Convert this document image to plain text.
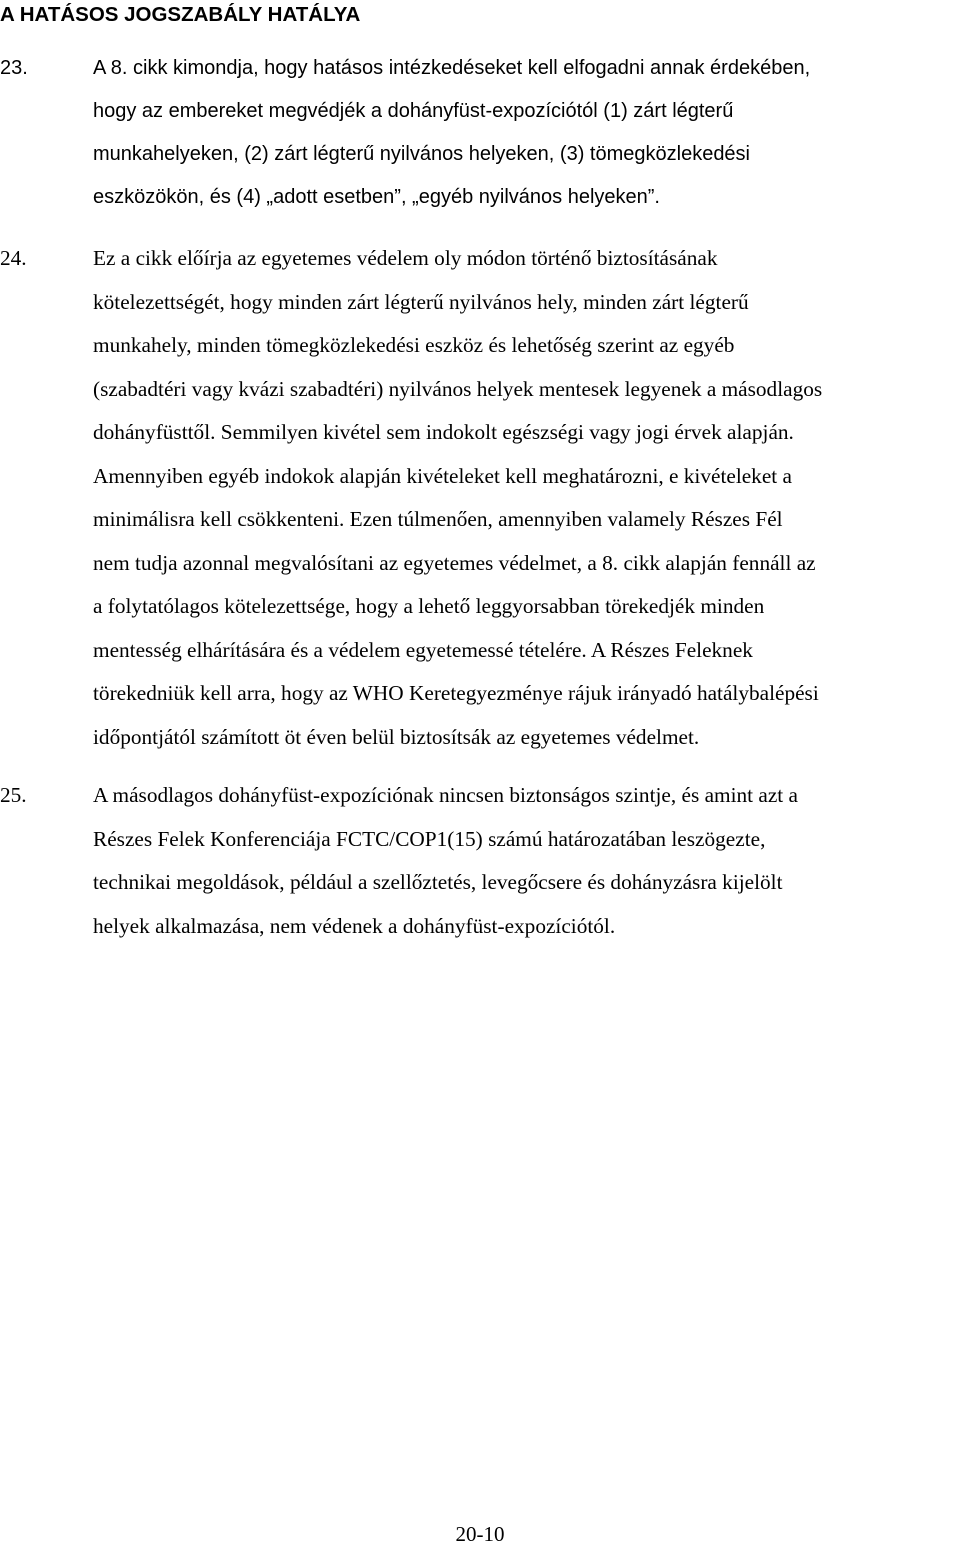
A HATÁSOS JOGSZABÁLY HATÁLYA
23.	A 8. cikk kimondja, hogy hatásos intézkedéseket kell elfogadni annak érdekében,
hogy az embereket megvédjék a dohányfüst-expozíciótól (1) zárt légterű
munkahelyeken, (2) zárt légterű nyilvános helyeken, (3) tömegközlekedési
eszközökön, és (4) „adott esetben”, „egyéb nyilvános helyeken”.
24.	Ez a cikk előírja az egyetemes védelem oly módon történő biztosításának
kötelezettségét, hogy minden zárt légterű nyilvános hely, minden zárt légterű
munkahely, minden tömegközlekedési eszköz és lehetőség szerint az egyéb
(szabadtéri vagy kvázi szabadtéri) nyilvános helyek mentesek legyenek a másodlagos
dohányfüsttől. Semmilyen kivétel sem indokolt egészségi vagy jogi érvek alapján.
Amennyiben egyéb indokok alapján kivételeket kell meghatározni, e kivételeket a
minimálisra kell csökkenteni. Ezen túlmenően, amennyiben valamely Részes Fél
nem tudja azonnal megvalósítani az egyetemes védelmet, a 8. cikk alapján fennáll az
a folytatólagos kötelezettsége, hogy a lehető leggyorsabban törekedjék minden
mentesség elhárítására és a védelem egyetemessé tételére. A Részes Feleknek
törekedniük kell arra, hogy az WHO Keretegyezménye rájuk irányadó hatálybalépési
időpontjától számított öt éven belül biztosítsák az egyetemes védelmet.
25.	A másodlagos dohányfüst-expozíciónak nincsen biztonságos szintje, és amint azt a
Részes Felek Konferenciája FCTC/COP1(15) számú határozatában leszögezte,
technikai megoldások, például a szellőztetés, levegőcsere és dohányzásra kijelölt
helyek alkalmazása, nem védenek a dohányfüst-expozíciótól.
20-10
